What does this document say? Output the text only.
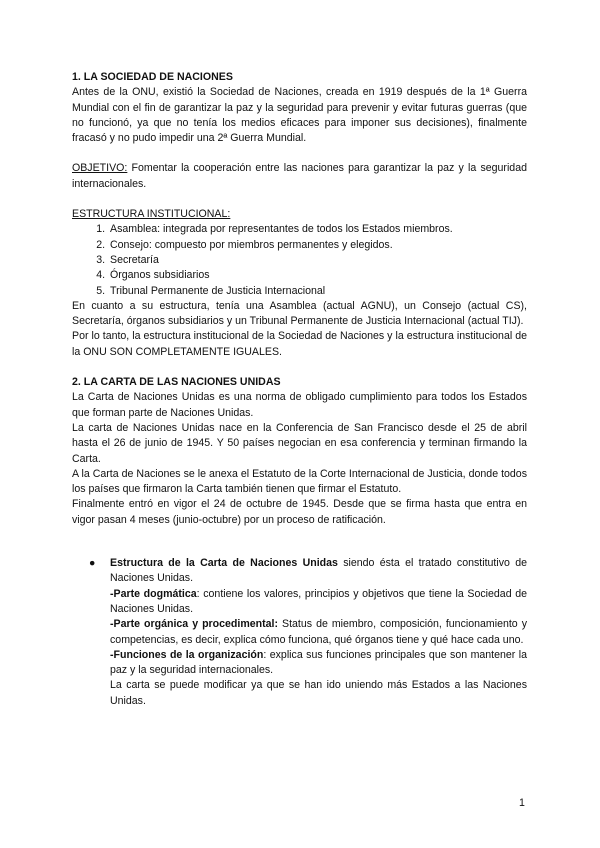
1. LA SOCIEDAD DE NACIONES

Antes de la ONU, existió la Sociedad de Naciones, creada en 1919 después de la 1ª Guerra Mundial con el fin de garantizar la paz y la seguridad para prevenir y evitar futuras guerras (que no funcionó, ya que no tenía los medios eficaces para imponer sus decisiones), finalmente fracasó y no pudo impedir una 2ª Guerra Mundial.

OBJETIVO: Fomentar la cooperación entre las naciones para garantizar la paz y la seguridad internacionales.

ESTRUCTURA INSTITUCIONAL:

1. Asamblea: integrada por representantes de todos los Estados miembros.
2. Consejo: compuesto por miembros permanentes y elegidos.
3. Secretaría
4. Órganos subsidiarios
5. Tribunal Permanente de Justicia Internacional

En cuanto a su estructura, tenía una Asamblea (actual AGNU), un Consejo (actual CS), Secretaría, órganos subsidiarios y un Tribunal Permanente de Justicia Internacional (actual TIJ).

Por lo tanto, la estructura institucional de la Sociedad de Naciones y la estructura institucional de la ONU SON COMPLETAMENTE IGUALES.

2. LA CARTA DE LAS NACIONES UNIDAS

La Carta de Naciones Unidas es una norma de obligado cumplimiento para todos los Estados que forman parte de Naciones Unidas.

La carta de Naciones Unidas nace en la Conferencia de San Francisco desde el 25 de abril hasta el 26 de junio de 1945. Y 50 países negocian en esa conferencia y terminan firmando la Carta.

A la Carta de Naciones se le anexa el Estatuto de la Corte Internacional de Justicia, donde todos los países que firmaron la Carta también tienen que firmar el Estatuto.

Finalmente entró en vigor el 24 de octubre de 1945. Desde que se firma hasta que entra en vigor pasan 4 meses (junio-octubre) por un proceso de ratificación.

● Estructura de la Carta de Naciones Unidas siendo ésta el tratado constitutivo de Naciones Unidas.

-Parte dogmática: contiene los valores, principios y objetivos que tiene la Sociedad de Naciones Unidas.

-Parte orgánica y procedimental: Status de miembro, composición, funcionamiento y competencias, es decir, explica cómo funciona, qué órganos tiene y qué hace cada uno.

-Funciones de la organización: explica sus funciones principales que son mantener la paz y la seguridad internacionales.

La carta se puede modificar ya que se han ido uniendo más Estados a las Naciones Unidas.

1
